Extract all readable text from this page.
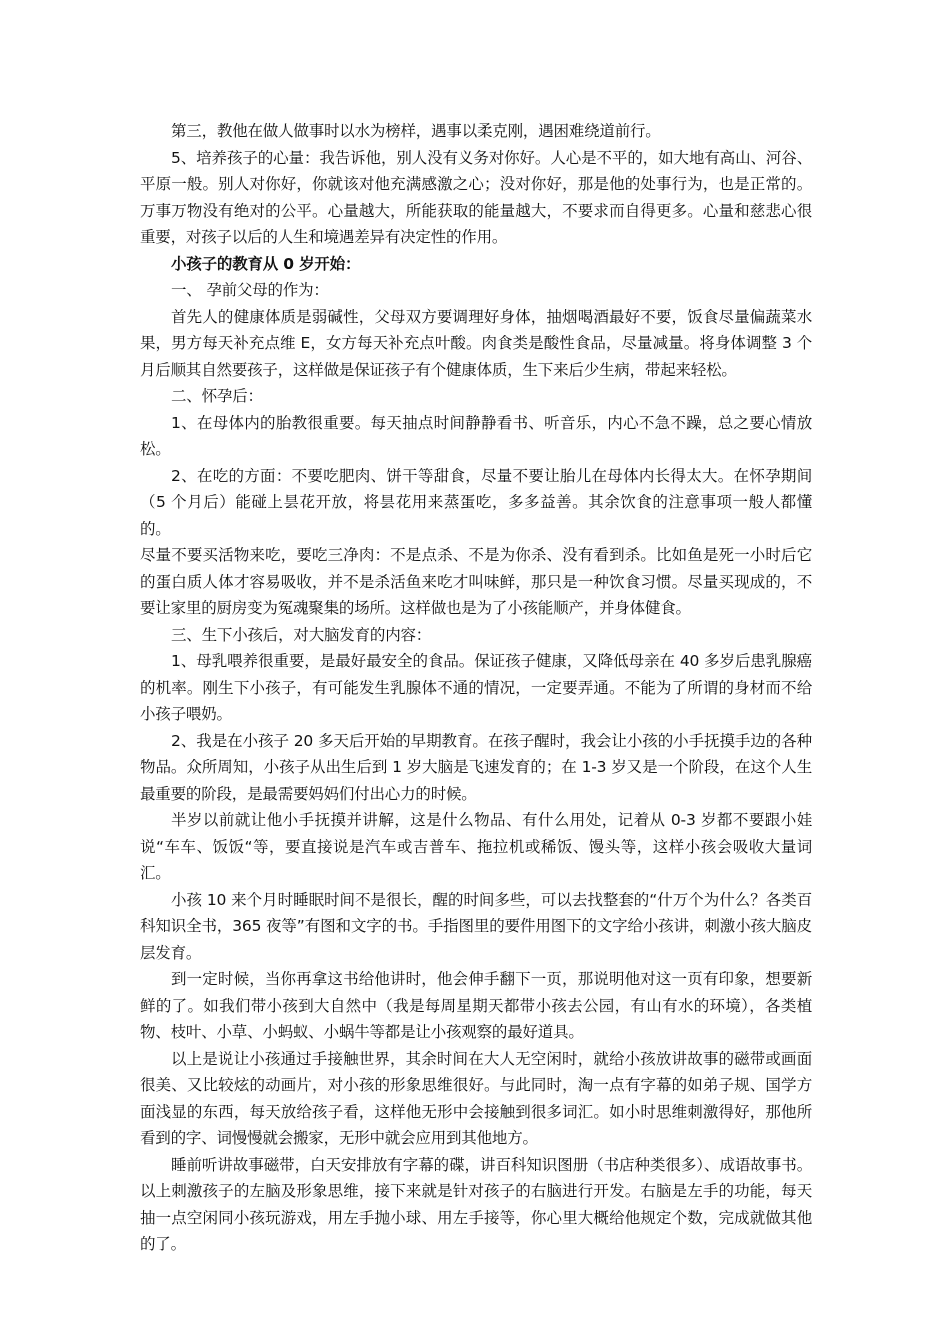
第三，教他在做人做事时以水为榜样，遇事以柔克刚，遇困难绕道前行。

5、培养孩子的心量：我告诉他，别人没有义务对你好。人心是不平的，如大地有高山、河谷、平原一般。别人对你好，你就该对他充满感激之心；没对你好，那是他的处事行为，也是正常的。万事万物没有绝对的公平。心量越大，所能获取的能量越大，不要求而自得更多。心量和慈悲心很重要，对孩子以后的人生和境遇差异有决定性的作用。

小孩子的教育从 0 岁开始：

一、 孕前父母的作为：

首先人的健康体质是弱碱性，父母双方要调理好身体，抽烟喝酒最好不要，饭食尽量偏蔬菜水果，男方每天补充点维 E，女方每天补充点叶酸。肉食类是酸性食品，尽量减量。将身体调整 3 个月后顺其自然要孩子，这样做是保证孩子有个健康体质，生下来后少生病，带起来轻松。

二、怀孕后：

1、在母体内的胎教很重要。每天抽点时间静静看书、听音乐，内心不急不躁，总之要心情放松。

2、在吃的方面：不要吃肥肉、饼干等甜食，尽量不要让胎儿在母体内长得太大。在怀孕期间（5 个月后）能碰上昙花开放，将昙花用来蒸蛋吃，多多益善。其余饮食的注意事项一般人都懂的。

尽量不要买活物来吃，要吃三净肉：不是点杀、不是为你杀、没有看到杀。比如鱼是死一小时后它的蛋白质人体才容易吸收，并不是杀活鱼来吃才叫味鲜，那只是一种饮食习惯。尽量买现成的，不要让家里的厨房变为冤魂聚集的场所。这样做也是为了小孩能顺产，并身体健食。

三、生下小孩后，对大脑发育的内容：

1、母乳喂养很重要，是最好最安全的食品。保证孩子健康，又降低母亲在 40 多岁后患乳腺癌的机率。刚生下小孩子，有可能发生乳腺体不通的情况，一定要弄通。不能为了所谓的身材而不给小孩子喂奶。

2、我是在小孩子 20 多天后开始的早期教育。在孩子醒时，我会让小孩的小手抚摸手边的各种物品。众所周知，小孩子从出生后到 1 岁大脑是飞速发育的；在 1-3 岁又是一个阶段，在这个人生最重要的阶段，是最需要妈妈们付出心力的时候。

半岁以前就让他小手抚摸并讲解，这是什么物品、有什么用处，记着从 0-3 岁都不要跟小娃说“车车、饭饭“等，要直接说是汽车或吉普车、拖拉机或稀饭、馒头等，这样小孩会吸收大量词汇。

小孩 10 来个月时睡眠时间不是很长，醒的时间多些，可以去找整套的“什万个为什么？各类百科知识全书，365 夜等”有图和文字的书。手指图里的要件用图下的文字给小孩讲，刺激小孩大脑皮层发育。

到一定时候，当你再拿这书给他讲时，他会伸手翻下一页，那说明他对这一页有印象，想要新鲜的了。如我们带小孩到大自然中（我是每周星期天都带小孩去公园，有山有水的环境），各类植物、枝叶、小草、小蚂蚁、小蜗牛等都是让小孩观察的最好道具。

以上是说让小孩通过手接触世界，其余时间在大人无空闲时，就给小孩放讲故事的磁带或画面很美、又比较炫的动画片，对小孩的形象思维很好。与此同时，淘一点有字幕的如弟子规、国学方面浅显的东西，每天放给孩子看，这样他无形中会接触到很多词汇。如小时思维刺激得好，那他所看到的字、词慢慢就会搬家，无形中就会应用到其他地方。

睡前听讲故事磁带，白天安排放有字幕的碟，讲百科知识图册（书店种类很多）、成语故事书。以上刺激孩子的左脑及形象思维，接下来就是针对孩子的右脑进行开发。右脑是左手的功能，每天抽一点空闲同小孩玩游戏，用左手抛小球、用左手接等，你心里大概给他规定个数，完成就做其他的了。
